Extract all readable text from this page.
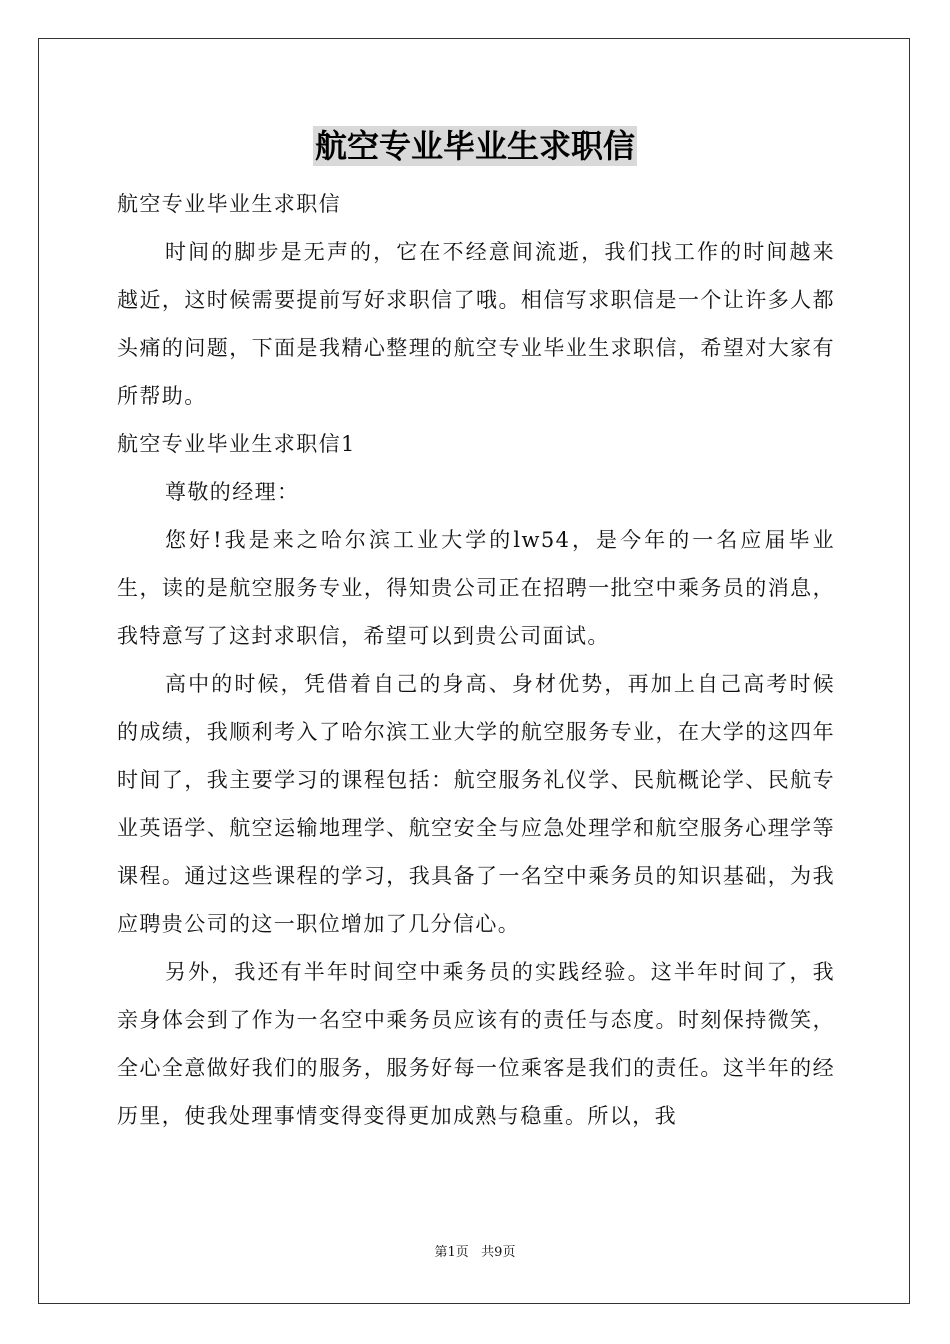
航空专业毕业生求职信

航空专业毕业生求职信

时间的脚步是无声的，它在不经意间流逝，我们找工作的时间越来越近，这时候需要提前写好求职信了哦。相信写求职信是一个让许多人都头痛的问题，下面是我精心整理的航空专业毕业生求职信，希望对大家有所帮助。

航空专业毕业生求职信1

尊敬的经理：

您好!我是来之哈尔滨工业大学的lw54，是今年的一名应届毕业生，读的是航空服务专业，得知贵公司正在招聘一批空中乘务员的消息，我特意写了这封求职信，希望可以到贵公司面试。

高中的时候，凭借着自己的身高、身材优势，再加上自己高考时候的成绩，我顺利考入了哈尔滨工业大学的航空服务专业，在大学的这四年时间了，我主要学习的课程包括：航空服务礼仪学、民航概论学、民航专业英语学、航空运输地理学、航空安全与应急处理学和航空服务心理学等课程。通过这些课程的学习，我具备了一名空中乘务员的知识基础，为我应聘贵公司的这一职位增加了几分信心。

另外，我还有半年时间空中乘务员的实践经验。这半年时间了，我亲身体会到了作为一名空中乘务员应该有的责任与态度。时刻保持微笑，全心全意做好我们的服务，服务好每一位乘客是我们的责任。这半年的经历里，使我处理事情变得变得更加成熟与稳重。所以，我

第1页   共9页
